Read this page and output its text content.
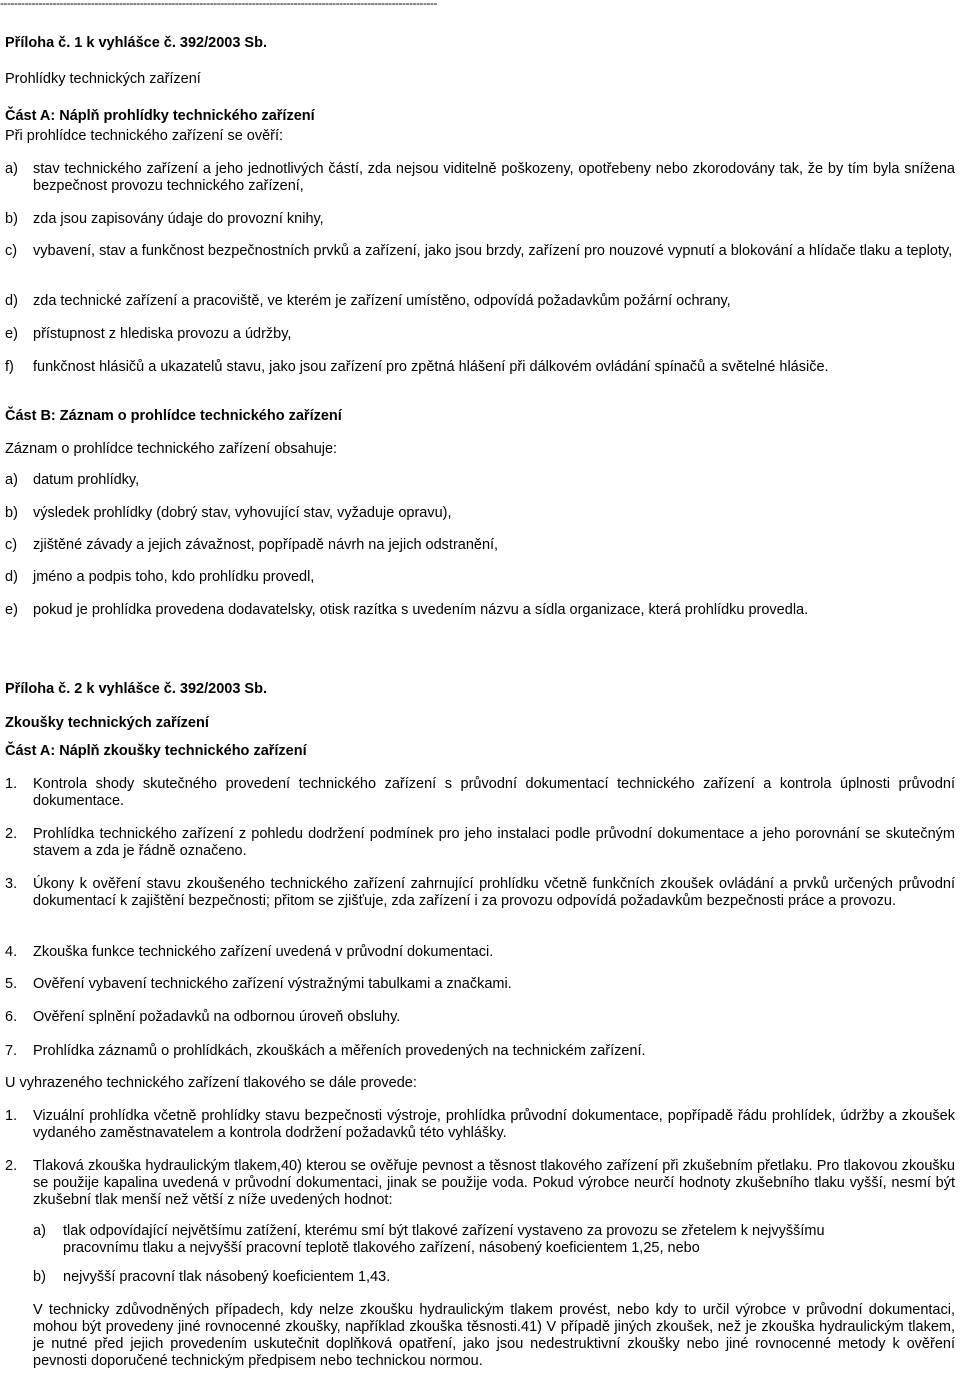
-----------------------------------------------------------------------------------------------------------------------------
Příloha č. 1 k vyhlášce č. 392/2003 Sb.
Prohlídky technických zařízení
Část A: Náplň prohlídky technického zařízení
Při prohlídce technického zařízení se ověří:
a) stav technického zařízení a jeho jednotlivých částí, zda nejsou viditelně poškozeny, opotřebeny nebo zkorodovány tak, že by tím byla snížena bezpečnost provozu technického zařízení,
b) zda jsou zapisovány údaje do provozní knihy,
c) vybavení, stav a funkčnost bezpečnostních prvků a zařízení, jako jsou brzdy, zařízení pro nouzové vypnutí a blokování a hlídače tlaku a teploty,
d) zda technické zařízení a pracoviště, ve kterém je zařízení umístěno, odpovídá požadavkům požární ochrany,
e) přístupnost z hlediska provozu a údržby,
f) funkčnost hlásičů a ukazatelů stavu, jako jsou zařízení pro zpětná hlášení při dálkovém ovládání spínačů a světelné hlásiče.
Část B: Záznam o prohlídce technického zařízení
Záznam o prohlídce technického zařízení obsahuje:
a) datum prohlídky,
b) výsledek prohlídky (dobrý stav, vyhovující stav, vyžaduje opravu),
c) zjištěné závady a jejich závažnost, popřípadě návrh na jejich odstranění,
d) jméno a podpis toho, kdo prohlídku provedl,
e) pokud je prohlídka provedena dodavatelsky, otisk razítka s uvedením názvu a sídla organizace, která prohlídku provedla.
Příloha č. 2 k vyhlášce č. 392/2003 Sb.
Zkoušky technických zařízení
Část A: Náplň zkoušky technického zařízení
1. Kontrola shody skutečného provedení technického zařízení s průvodní dokumentací technického zařízení a kontrola úplnosti průvodní dokumentace.
2. Prohlídka technického zařízení z pohledu dodržení podmínek pro jeho instalaci podle průvodní dokumentace a jeho porovnání se skutečným stavem a zda je řádně označeno.
3. Úkony k ověření stavu zkoušeného technického zařízení zahrnující prohlídku včetně funkčních zkoušek ovládání a prvků určených průvodní dokumentací k zajištění bezpečnosti; přitom se zjišťuje, zda zařízení i za provozu odpovídá požadavkům bezpečnosti práce a provozu.
4. Zkouška funkce technického zařízení uvedená v průvodní dokumentaci.
5. Ověření vybavení technického zařízení výstražnými tabulkami a značkami.
6. Ověření splnění požadavků na odbornou úroveň obsluhy.
7. Prohlídka záznamů o prohlídkách, zkouškách a měřeních provedených na technickém zařízení.
U vyhrazeného technického zařízení tlakového se dále provede:
1. Vizuální prohlídka včetně prohlídky stavu bezpečnosti výstroje, prohlídka průvodní dokumentace, popřípadě řádu prohlídek, údržby a zkoušek vydaného zaměstnavatelem a kontrola dodržení požadavků této vyhlášky.
2. Tlaková zkouška hydraulickým tlakem,40) kterou se ověřuje pevnost a těsnost tlakového zařízení při zkušebním přetlaku. Pro tlakovou zkoušku se použije kapalina uvedená v průvodní dokumentaci, jinak se použije voda. Pokud výrobce neurčí hodnoty zkušebního tlaku vyšší, nesmí být zkušební tlak menší než větší z níže uvedených hodnot:
a) tlak odpovídající největšímu zatížení, kterému smí být tlakové zařízení vystaveno za provozu se zřetelem k nejvyššímu pracovnímu tlaku a nejvyšší pracovní teplotě tlakového zařízení, násobený koeficientem 1,25, nebo
b) nejvyšší pracovní tlak násobený koeficientem 1,43.
V technicky zdůvodněných případech, kdy nelze zkoušku hydraulickým tlakem provést, nebo kdy to určil výrobce v průvodní dokumentaci, mohou být provedeny jiné rovnocenné zkoušky, například zkouška těsnosti.41) V případě jiných zkoušek, než je zkouška hydraulickým tlakem, je nutné před jejich provedením uskutečnit doplňková opatření, jako jsou nedestruktivní zkoušky nebo jiné rovnocenné metody k ověření pevnosti doporučené technickým předpisem nebo technickou normou.
